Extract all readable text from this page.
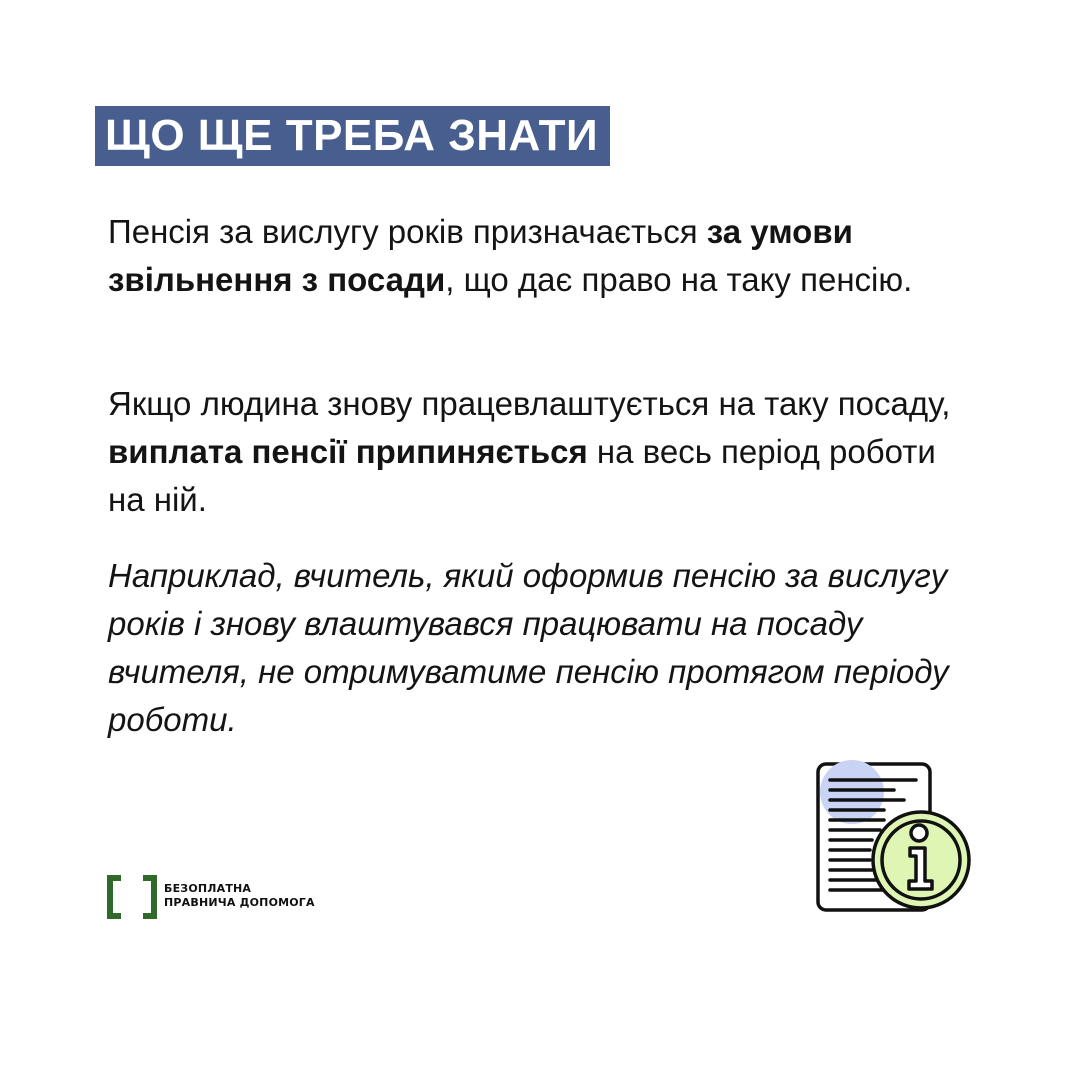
ЩО ЩЕ ТРЕБА ЗНАТИ

Пенсія за вислугу років призначається за умови звільнення з посади, що дає право на таку пенсію.

Якщо людина знову працевлаштується на таку посаду, виплата пенсії припиняється на весь період роботи на ній.

Наприклад, вчитель, який оформив пенсію за вислугу років і знову влаштувався працювати на посаду вчителя, не отримуватиме пенсію протягом періоду роботи.

БЕЗОПЛАТНА
ПРАВНИЧА ДОПОМОГА
